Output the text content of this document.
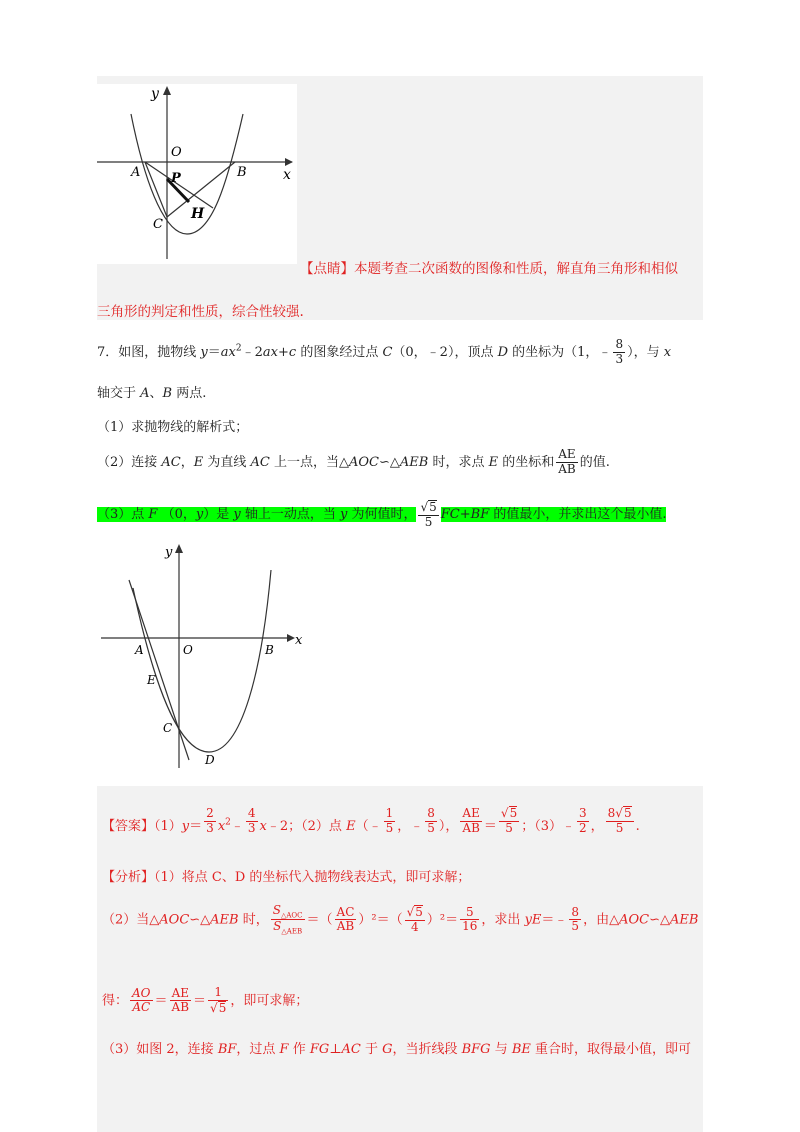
y
x
O
A	B
P
C
H
【点睛】本题考查二次函数的图像和性质，解直角三角形和相似
三角形的判定和性质，综合性较强.
7．如图，抛物线 $y=ax^2﹣2ax+c$ 的图象经过点 C（0，﹣2），顶点 D 的坐标为（1，﹣ $\frac{8}{3}$ ），与 x
轴交于 A、B 两点.
（1）求抛物线的解析式；
（2）连接 AC，E 为直线 AC 上一点，当△AOC∽△AEB 时，求点 E 的坐标和 $\frac{AE}{AB}$ 的值.
（3）点 F （0，y）是 y 轴上一动点，当 y 为何值时， $\frac{√5}{5} FC+BF$ 的值最小，并求出这个最小值.
y
x
A	O	B
E
C
D
【答案】$(1)y= \frac{2}{3}$ $x^2﹣ \frac{4}{3}$ x﹣2；（2）点 E（﹣ $\frac{1}{5}$ ，﹣ $\frac{8}{5}$ ）， $\frac{AE}{AB} = \frac{√5}{5}$ ；（3）﹣ $\frac{3}{2}$ ， $\frac{8√5}{5}$ .
【分析】（1）将点 C、D 的坐标代入抛物线表达式，即可求解；
（2）当△AOC∽△AEB 时， $\frac{S_{\triangle AOC}}{S_{\triangle AEB}}$ ＝（ $\frac{AC}{AB} )^2=( \frac{√5}{4} )^2= \frac{5}{16}$ ，求出 yE＝﹣ $\frac{8}{5}$ ，由△AOC∽△AEB
得： $\frac{AO}{AC} = \frac{AE}{AB} = \frac{1}{√5}$ ，即可求解；
（3）如图 2，连接 BF，过点 F 作 FG⊥AC 于 G，当折线段 BFG 与 BE 重合时，取得最小值，即可
